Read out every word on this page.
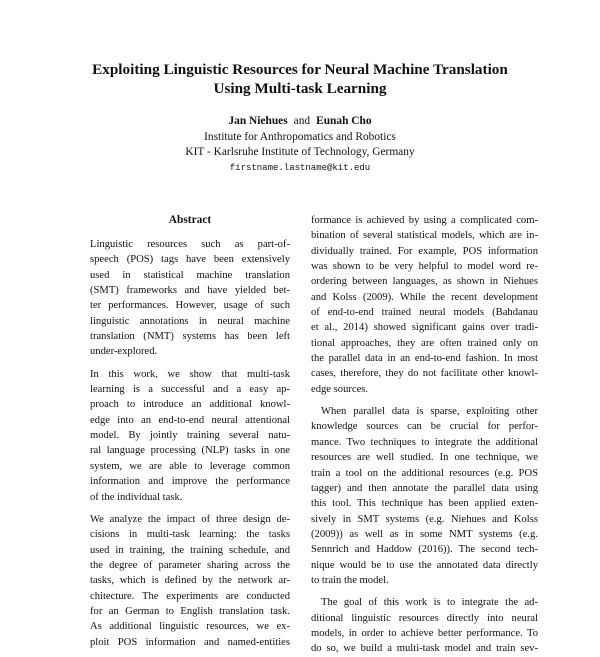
Exploiting Linguistic Resources for Neural Machine Translation
Using Multi-task Learning
Jan Niehues and Eunah Cho
Institute for Anthropomatics and Robotics
KIT - Karlsruhe Institute of Technology, Germany
firstname.lastname@kit.edu
Abstract
Linguistic resources such as part-of-
speech (POS) tags have been extensively
used in statistical machine translation
(SMT) frameworks and have yielded bet-
ter performances. However, usage of such
linguistic annotations in neural machine
translation (NMT) systems has been left
under-explored.
In this work, we show that multi-task
learning is a successful and a easy ap-
proach to introduce an additional knowl-
edge into an end-to-end neural attentional
model. By jointly training several natu-
ral language processing (NLP) tasks in one
system, we are able to leverage common
information and improve the performance
of the individual task.
We analyze the impact of three design de-
cisions in multi-task learning: the tasks
used in training, the training schedule, and
the degree of parameter sharing across the
tasks, which is defined by the network ar-
chitecture. The experiments are conducted
for an German to English translation task.
As additional linguistic resources, we ex-
ploit POS information and named-entities
formance is achieved by using a complicated com-
bination of several statistical models, which are in-
dividually trained. For example, POS information
was shown to be very helpful to model word re-
ordering between languages, as shown in Niehues
and Kolss (2009). While the recent development
of end-to-end trained neural models (Bahdanau
et al., 2014) showed significant gains over tradi-
tional approaches, they are often trained only on
the parallel data in an end-to-end fashion. In most
cases, therefore, they do not facilitate other knowl-
edge sources.
When parallel data is sparse, exploiting other
knowledge sources can be crucial for perfor-
mance. Two techniques to integrate the additional
resources are well studied. In one technique, we
train a tool on the additional resources (e.g. POS
tagger) and then annotate the parallel data using
this tool. This technique has been applied exten-
sively in SMT systems (e.g. Niehues and Kolss
(2009)) as well as in some NMT systems (e.g.
Sennrich and Haddow (2016)). The second tech-
nique would be to use the annotated data directly
to train the model.
The goal of this work is to integrate the ad-
ditional linguistic resources directly into neural
models, in order to achieve better performance. To
do so, we build a multi-task model and train sev-
